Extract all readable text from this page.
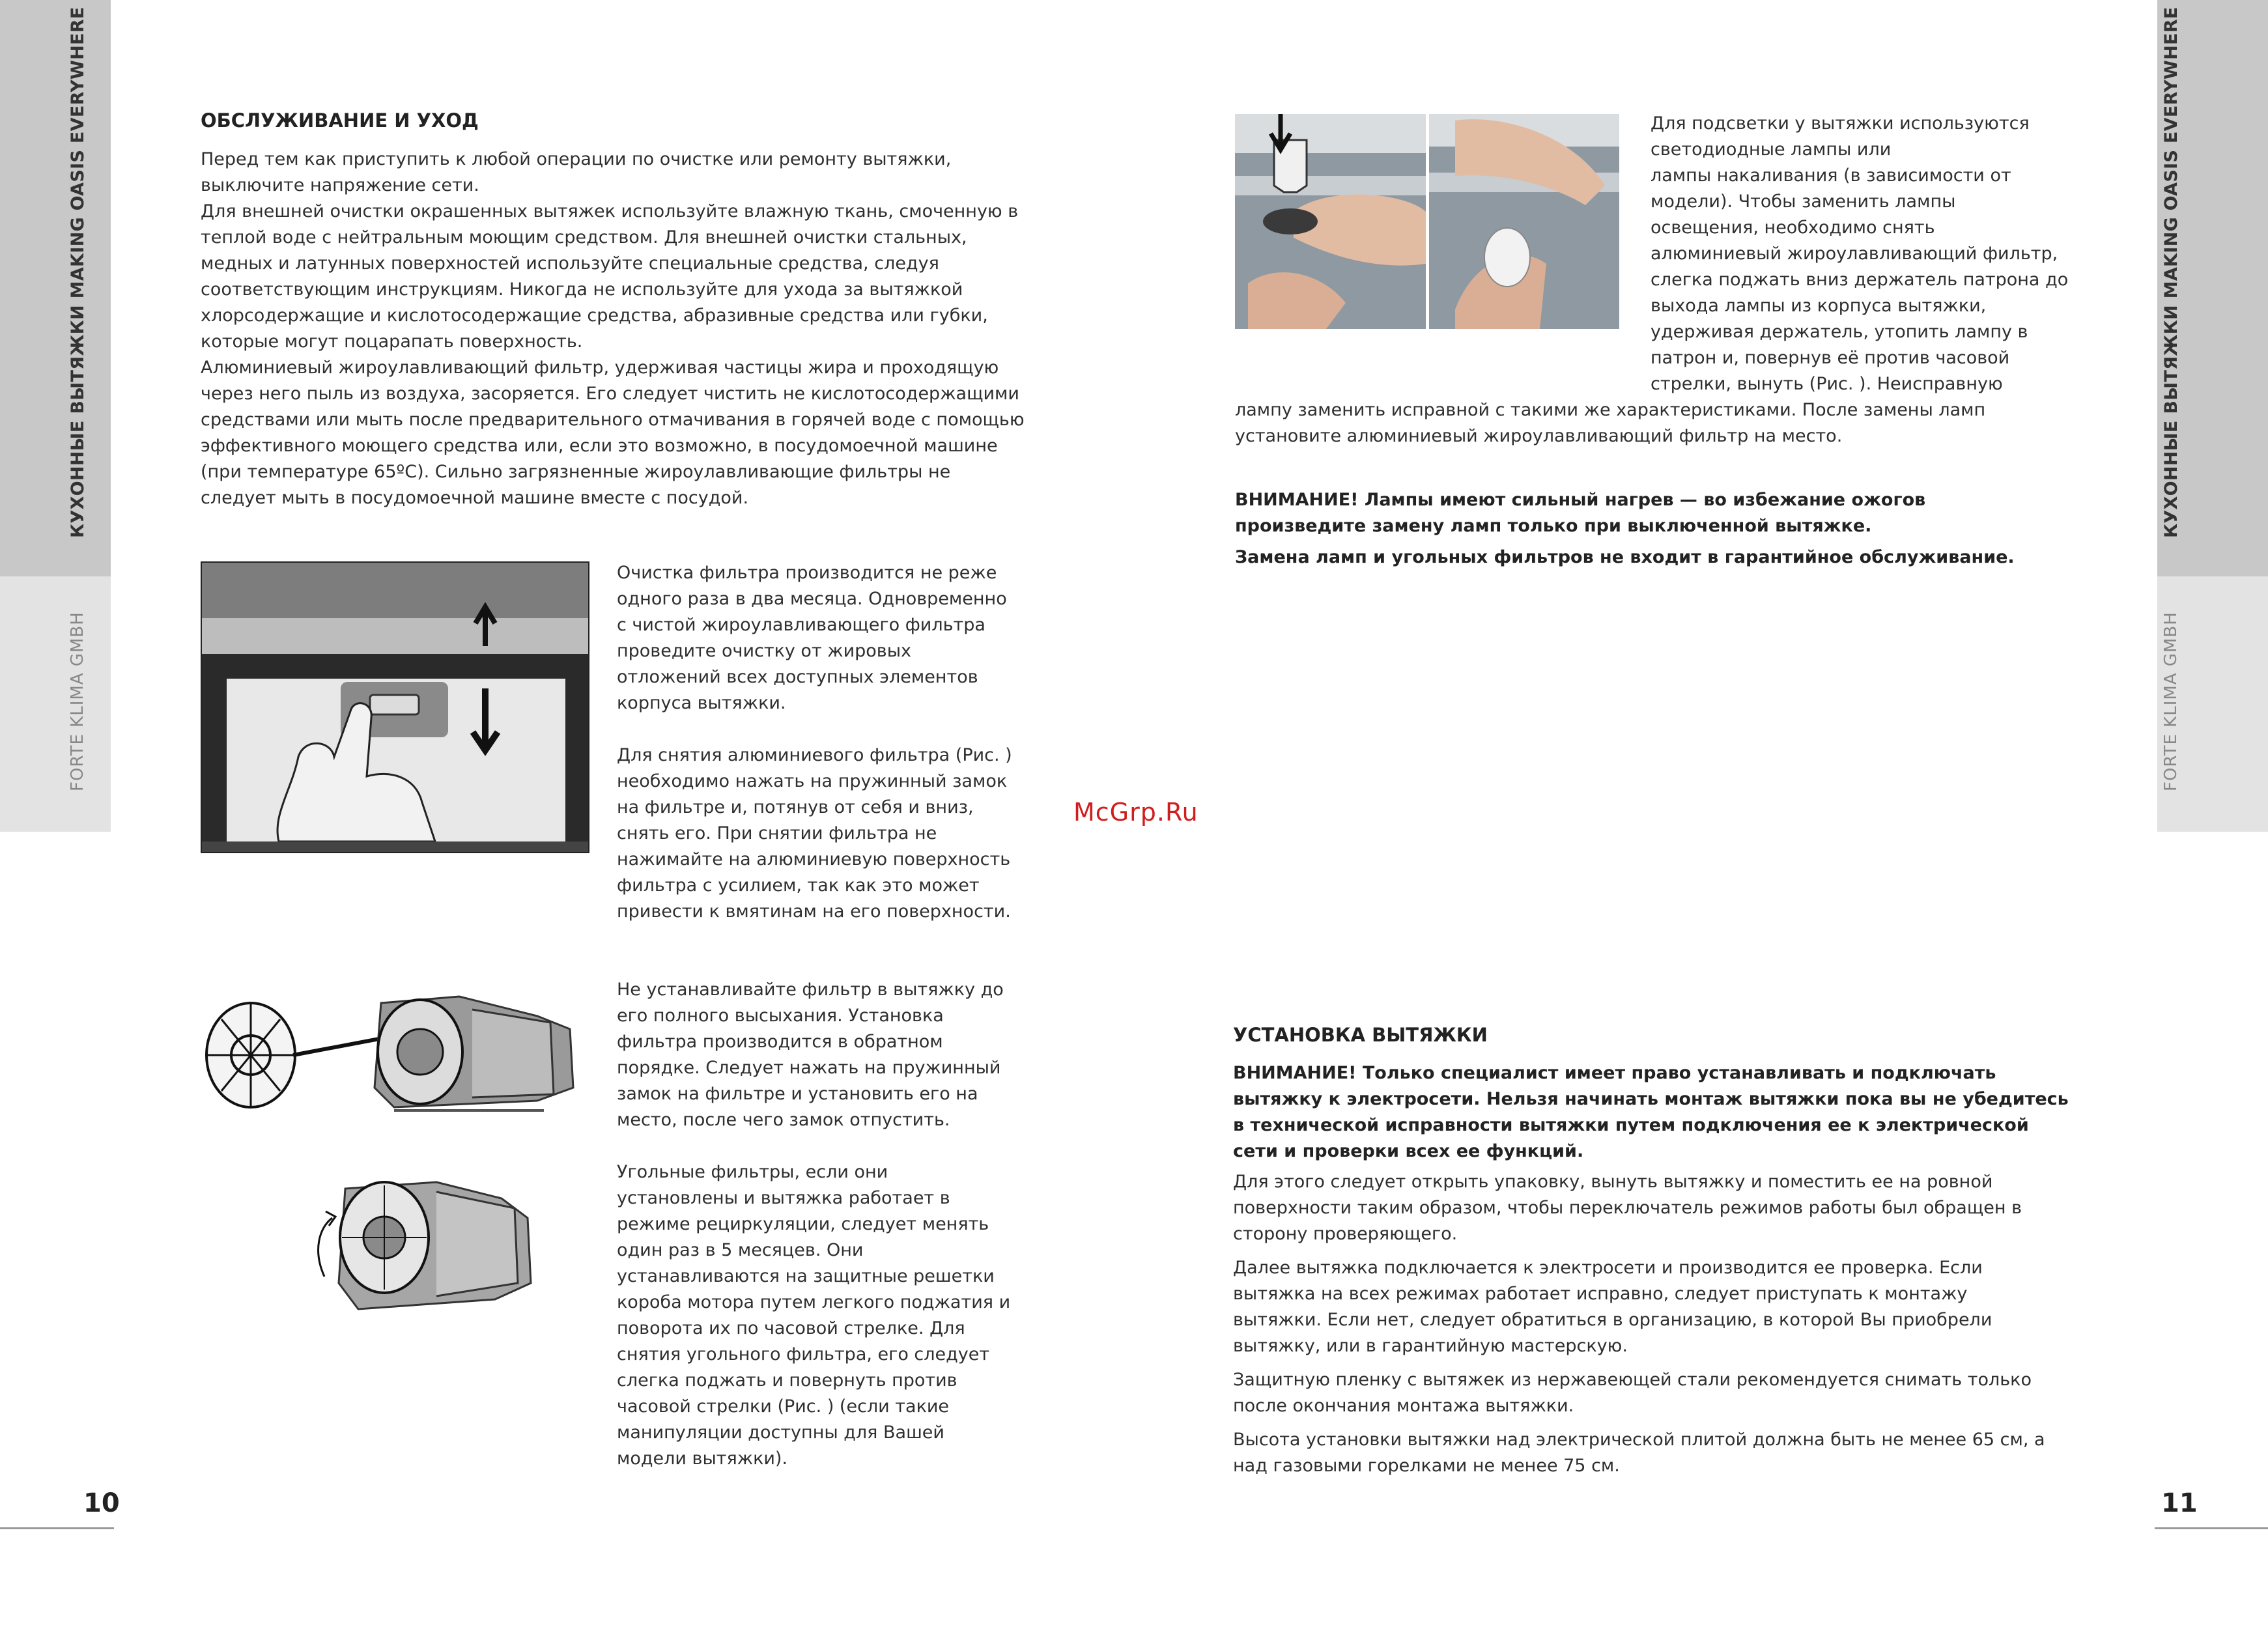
КУХОННЫЕ ВЫТЯЖКИ MAKING OASIS EVERYWHERE
FORTE KLIMA GMBH
КУХОННЫЕ ВЫТЯЖКИ MAKING OASIS EVERYWHERE
FORTE KLIMA GMBH
ОБСЛУЖИВАНИЕ И УХОД

Перед тем как приступить к любой операции по очистке или ремонту вытяжки, выключите напряжение сети.

Для внешней очистки окрашенных вытяжек используйте влажную ткань, смоченную в теплой воде с нейтральным моющим средством. Для внешней очистки стальных, медных и латунных поверхностей используйте специальные средства, следуя соответствующим инструкциям. Никогда не используйте для ухода за вытяжкой хлорсодержащие и кислотосодержащие средства, абразивные средства или губки, которые могут поцарапать поверхность.

Алюминиевый жироулавливающий фильтр, удерживая частицы жира и проходящую через него пыль из воздуха, засоряется. Его следует чистить не кислотосодержащими средствами или мыть после предварительного отмачивания в горячей воде с помощью эффективного моющего средства или, если это возможно, в посудомоечной машине (при температуре 65ºC). Сильно загрязненные жироулавливающие фильтры не следует мыть в посудомоечной машине вместе с посудой.

Очистка фильтра производится не реже одного раза в два месяца. Одновременно с чистой жироулавливающего фильтра проведите очистку от жировых отложений всех доступных элементов корпуса вытяжки.

Для снятия алюминиевого фильтра (Рис. ) необходимо нажать на пружинный замок на фильтре и, потянув от себя и вниз, снять его. При снятии фильтра не нажимайте на алюминиевую поверхность фильтра с усилием, так как это может привести к вмятинам на его поверхности.

Не устанавливайте фильтр в вытяжку до его полного высыхания. Установка фильтра производится в обратном порядке. Следует нажать на пружинный замок на фильтре и установить его на место, после чего замок отпустить.

Угольные фильтры, если они установлены и вытяжка работает в режиме рециркуляции, следует менять один раз в 5 месяцев. Они устанавливаются на защитные решетки короба мотора путем легкого поджатия и поворота их по часовой стрелке. Для снятия угольного фильтра, его следует слегка поджать и повернуть против часовой стрелки (Рис. ) (если такие манипуляции доступны для Вашей модели вытяжки).

10
Для подсветки у вытяжки используются
светодиодные лампы или
лампы накаливания (в зависимости от
модели). Чтобы заменить лампы
освещения, необходимо снять
алюминиевый жироулавливающий фильтр,
слегка поджать вниз держатель патрона до
выхода лампы из корпуса вытяжки,
удерживая держатель, утопить лампу в
патрон и, повернув её против часовой
стрелки, вынуть (Рис. ). Неисправную
лампу заменить исправной с такими же характеристиками. После замены ламп установите алюминиевый жироулавливающий фильтр на место.
ВНИМАНИЕ! Лампы имеют сильный нагрев — во избежание ожогов произведите замену ламп только при выключенной вытяжке.
Замена ламп и угольных фильтров не входит в гарантийное обслуживание.
McGrp.Ru
УСТАНОВКА ВЫТЯЖКИ
ВНИМАНИЕ! Только специалист имеет право устанавливать и подключать вытяжку к электросети. Нельзя начинать монтаж вытяжки пока вы не убедитесь в технической исправности вытяжки путем подключения ее к электрической сети и проверки всех ее функций.

Для этого следует открыть упаковку, вынуть вытяжку и поместить ее на ровной поверхности таким образом, чтобы переключатель режимов работы был обращен в сторону проверяющего.

Далее вытяжка подключается к электросети и производится ее проверка. Если вытяжка на всех режимах работает исправно, следует приступать к монтажу вытяжки. Если нет, следует обратиться в организацию, в которой Вы приобрели вытяжку, или в гарантийную мастерскую.

Защитную пленку с вытяжек из нержавеющей стали рекомендуется снимать только после окончания монтажа вытяжки.

Высота установки вытяжки над электрической плитой должна быть не менее 65 см, а над газовыми горелками не менее 75 см.

11
